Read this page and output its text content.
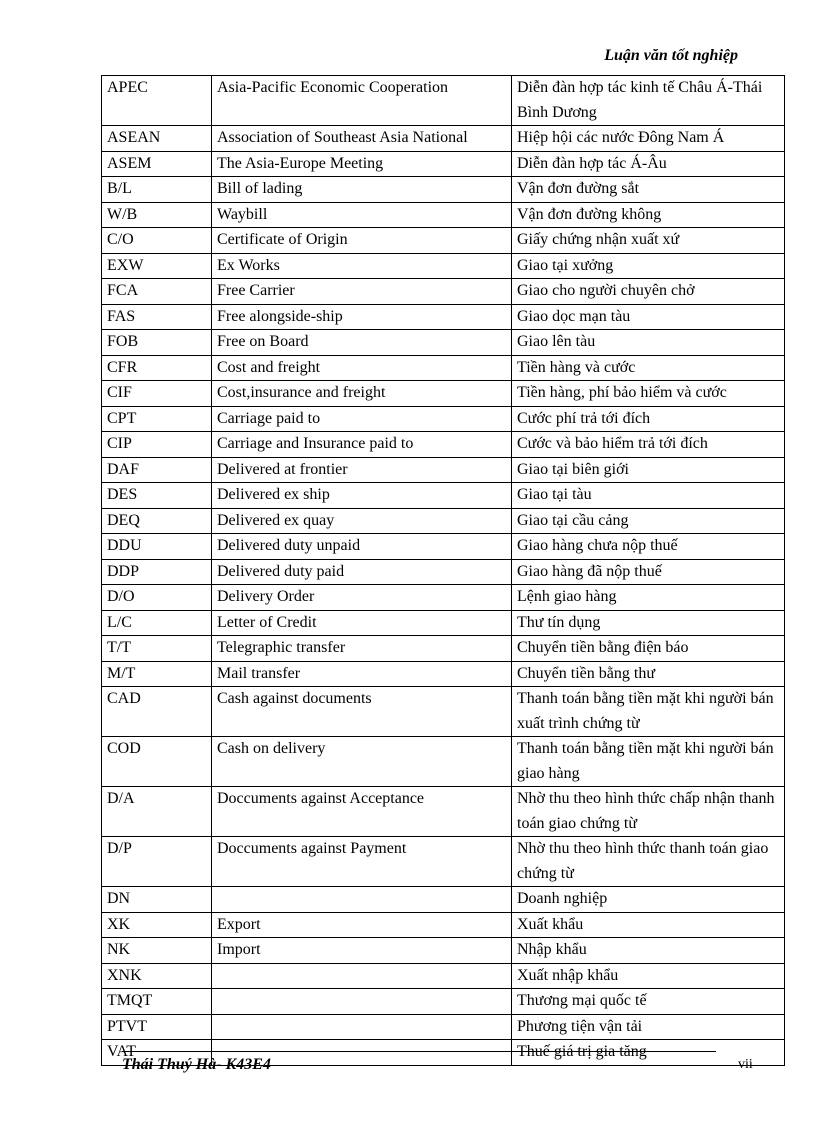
Luận văn tốt nghiệp
APEC	Asia-Pacific Economic Cooperation	Diễn đàn hợp tác kinh tế Châu Á-Thái Bình Dương
ASEAN	Association of Southeast Asia National	Hiệp hội các nước Đông Nam Á
ASEM	The Asia-Europe Meeting	Diễn đàn hợp tác Á-Âu
B/L	Bill of lading	Vận đơn đường sắt
W/B	Waybill	Vận đơn đường không
C/O	Certificate of Origin	Giấy chứng nhận xuất xứ
EXW	Ex Works	Giao tại xưởng
FCA	Free Carrier	Giao cho người chuyên chở
FAS	Free alongside-ship	Giao dọc mạn tàu
FOB	Free on Board	Giao lên tàu
CFR	Cost and freight	Tiền hàng và cước
CIF	Cost,insurance and freight	Tiền hàng, phí bảo hiểm và cước
CPT	Carriage paid to	Cước phí trả tới đích
CIP	Carriage and Insurance paid to	Cước và bảo hiểm trả tới đích
DAF	Delivered at frontier	Giao tại biên giới
DES	Delivered ex ship	Giao tại tàu
DEQ	Delivered ex quay	Giao tại cầu cảng
DDU	Delivered duty unpaid	Giao hàng chưa nộp thuế
DDP	Delivered duty paid	Giao hàng đã nộp thuế
D/O	Delivery Order	Lệnh giao hàng
L/C	Letter of Credit	Thư tín dụng
T/T	Telegraphic transfer	Chuyển tiền bằng điện báo
M/T	Mail transfer	Chuyển tiền bằng thư
CAD	Cash against documents	Thanh toán bằng tiền mặt khi người bán xuất trình chứng từ
COD	Cash on delivery	Thanh toán bằng tiền mặt khi người bán giao hàng
D/A	Doccuments against Acceptance	Nhờ thu theo hình thức chấp nhận thanh toán giao chứng từ
D/P	Doccuments against Payment	Nhờ thu theo hình thức thanh toán giao chứng từ
DN		Doanh nghiệp
XK	Export	Xuất khẩu
NK	Import	Nhập khẩu
XNK		Xuất nhập khẩu
TMQT		Thương mại quốc tế
PTVT		Phương tiện vận tải
VAT		Thuế giá trị gia tăng
Thái Thuý Hà- K43E4	vii
